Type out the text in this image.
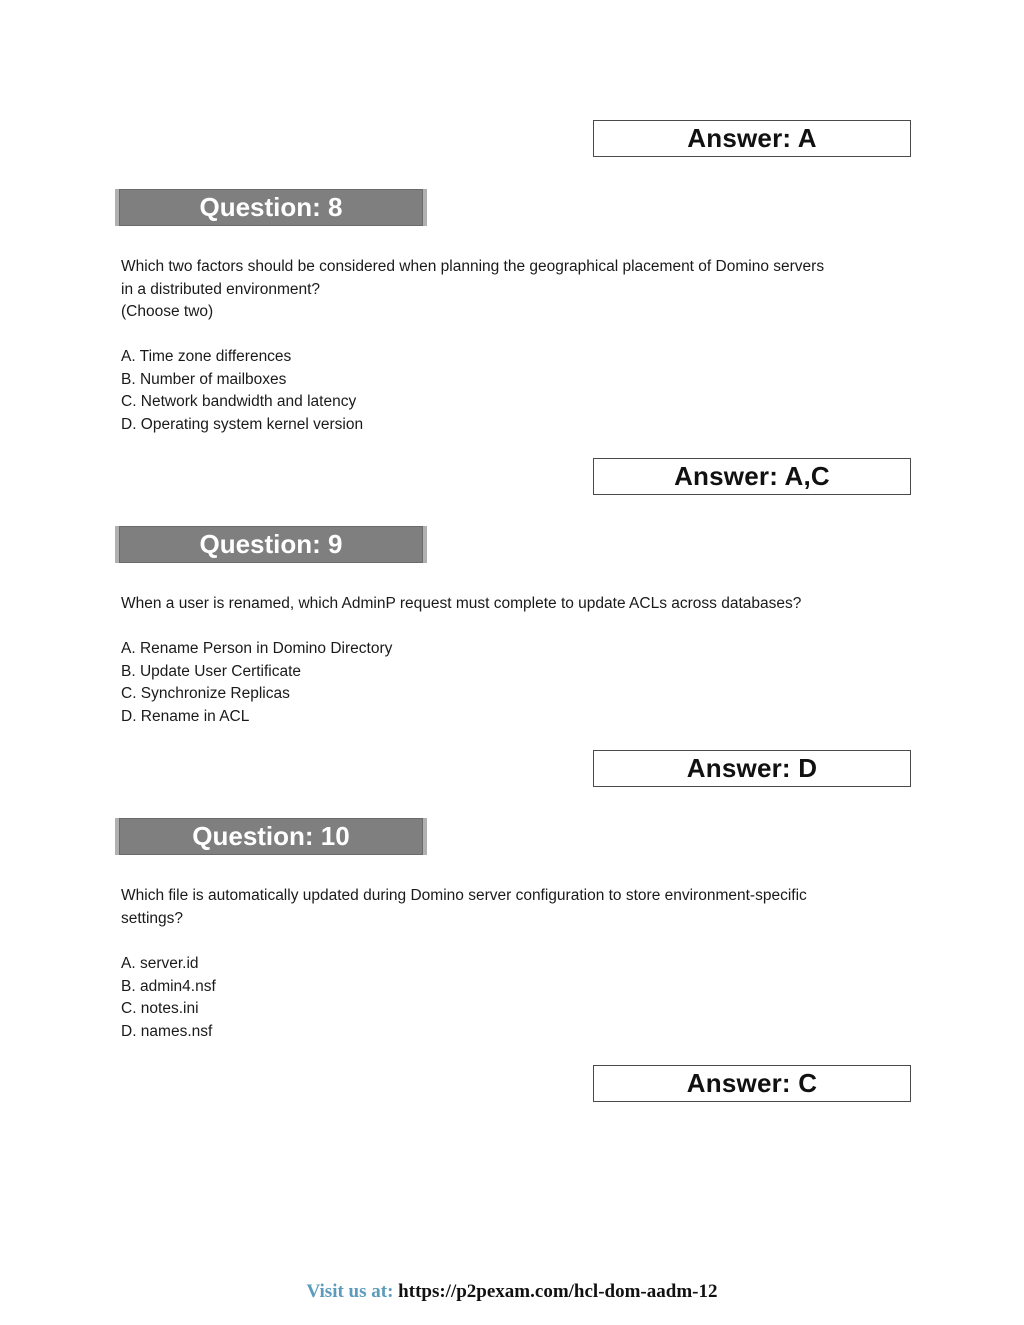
Answer: A
Question: 8

Which two factors should be considered when planning the geographical placement of Domino servers

in a distributed environment?

(Choose two)

A. Time zone differences
B. Number of mailboxes
C. Network bandwidth and latency
D. Operating system kernel version
Answer: A,C
Question: 9

When a user is renamed, which AdminP request must complete to update ACLs across databases?

A. Rename Person in Domino Directory
B. Update User Certificate
C. Synchronize Replicas
D. Rename in ACL
Answer: D
Question: 10

Which file is automatically updated during Domino server configuration to store environment-specific

settings?

A. server.id
B. admin4.nsf
C. notes.ini
D. names.nsf
Answer: C
Visit us at: https://p2pexam.com/hcl-dom-aadm-12
